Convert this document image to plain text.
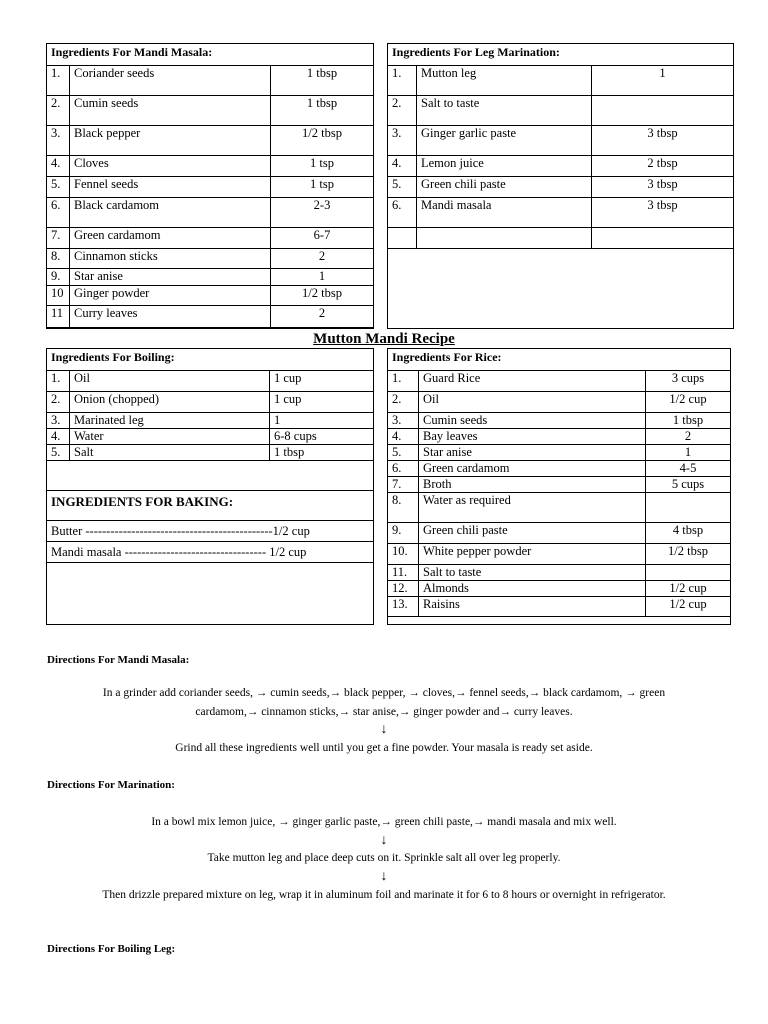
Ingredients For Mandi Masala:		
1.	Coriander seeds	1 tbsp
2.	Cumin seeds	1 tbsp
3.	Black pepper	1/2 tbsp
4.	Cloves	1 tsp
5.	Fennel seeds	1 tsp
6.	Black cardamom	2-3
7.	Green cardamom	6-7
8.	Cinnamon sticks	2
9.	Star anise	1
10	Ginger powder	1/2 tbsp
11	Curry leaves	2
Ingredients For Leg Marination:		
1.	Mutton leg	1
2.	Salt to taste	
3.	Ginger garlic paste	3 tbsp
4.	Lemon juice	2 tbsp
5.	Green chili paste	3 tbsp
6.	Mandi masala	3 tbsp

Mutton Mandi Recipe
Ingredients For Boiling:		
1.	Oil	1 cup
2.	Onion (chopped)	1 cup
3.	Marinated leg	1
4.	Water	6-8 cups
5.	Salt	1 tbsp

INGREDIENTS FOR BAKING:		
Butter ---------------------------------------------1/2 cup		
Mandi masala ---------------------------------- 1/2 cup		
Ingredients For Rice:		
1.	Guard Rice	3 cups
2.	Oil	1/2 cup
3.	Cumin seeds	1 tbsp
4.	Bay leaves	2
5.	Star anise	1
6.	Green cardamom	4-5
7.	Broth	5 cups
8.	Water as required	
9.	Green chili paste	4 tbsp
10.	White pepper powder	1/2 tbsp
11.	Salt to taste	
12.	Almonds	1/2 cup
13.	Raisins	1/2 cup
Directions For Mandi Masala:
In a grinder add coriander seeds, → cumin seeds,→ black pepper, → cloves,→ fennel seeds,→ black cardamom, → green
cardamom,→ cinnamon sticks,→ star anise,→ ginger powder and→ curry leaves.
↓
Grind all these ingredients well until you get a fine powder. Your masala is ready set aside.
Directions For Marination:
In a bowl mix lemon juice, → ginger garlic paste,→ green chili paste,→ mandi masala and mix well.
↓
Take mutton leg and place deep cuts on it. Sprinkle salt all over leg properly.
↓
Then drizzle prepared mixture on leg, wrap it in aluminum foil and marinate it for 6 to 8 hours or overnight in refrigerator.
Directions For Boiling Leg:
